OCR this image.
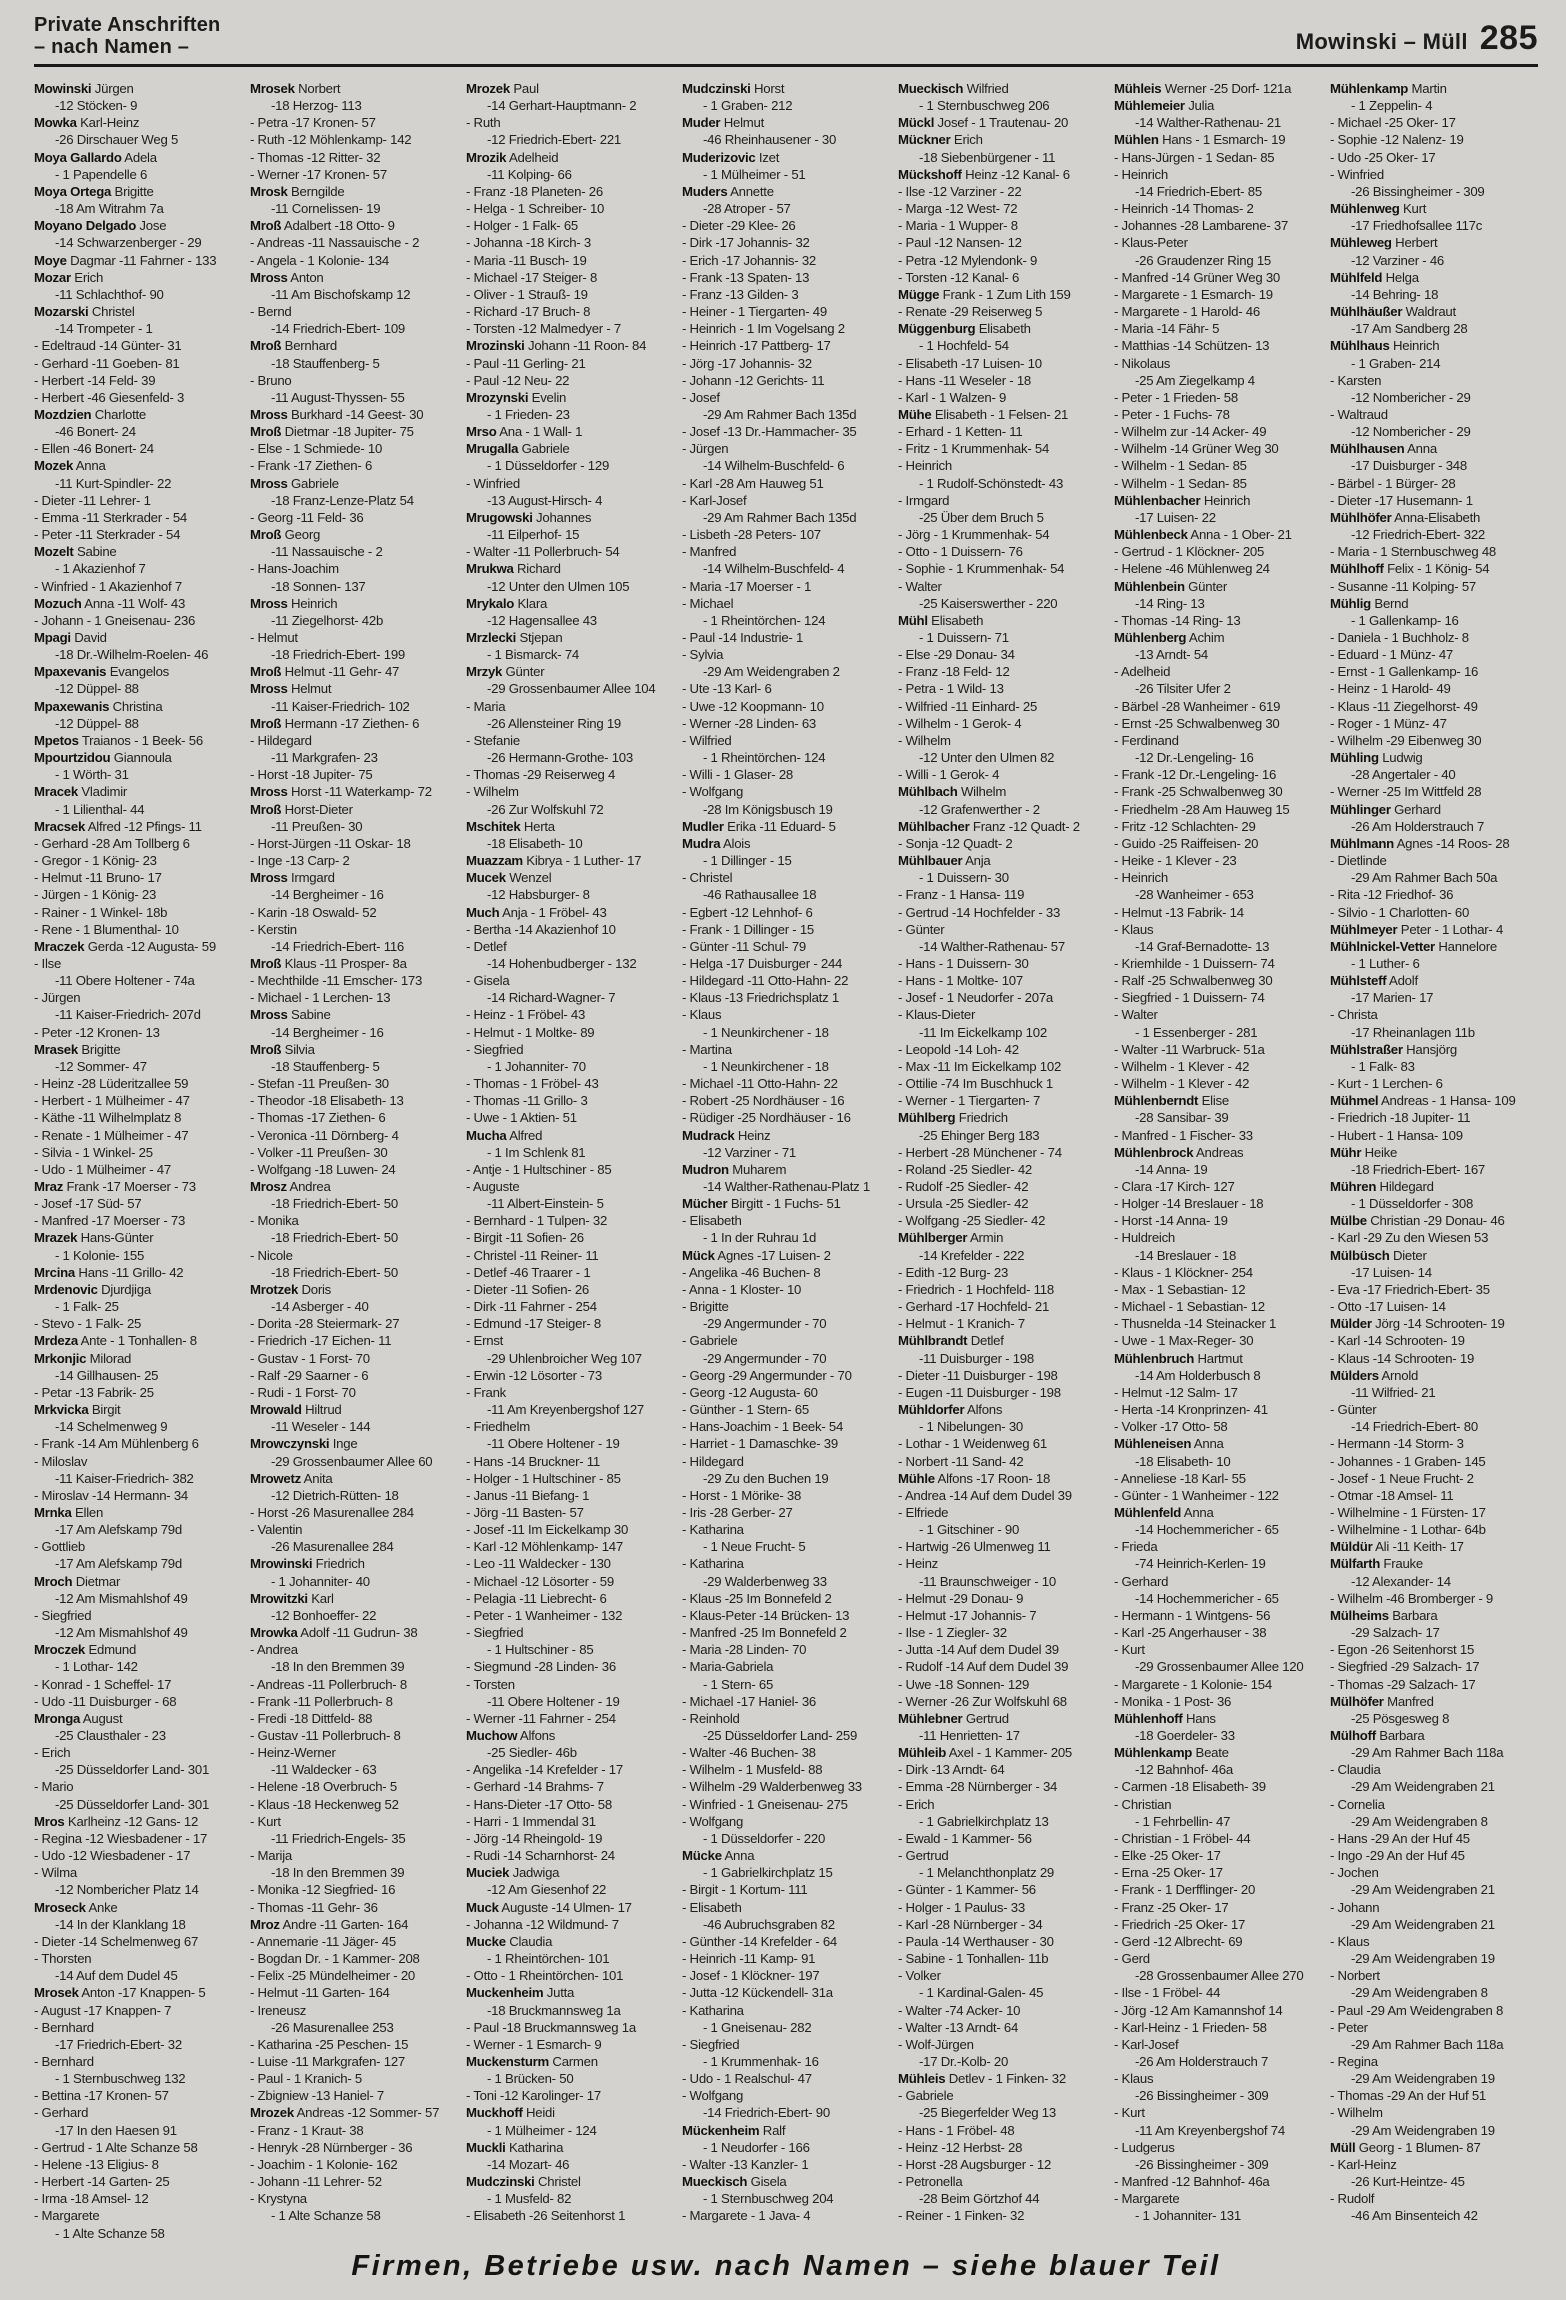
Private Anschriften
– nach Namen –	Mowinski – Müll 285
Mowinski Jürgen
-12 Stöcken- 9
Mowka Karl-Heinz
-26 Dirschauer Weg 5
Moya Gallardo Adela
- 1 Papendelle 6
Moya Ortega Brigitte
-18 Am Witrahm 7a
Moyano Delgado Jose
-14 Schwarzenberger - 29
Moye Dagmar -11 Fahrner - 133
Mozar Erich
-11 Schlachthof- 90
Mozarski Christel
-14 Trompeter - 1
- Edeltraud -14 Günter- 31
- Gerhard -11 Goeben- 81
- Herbert -14 Feld- 39
- Herbert -46 Giesenfeld- 3
Mozdzien Charlotte
-46 Bonert- 24
- Ellen -46 Bonert- 24
Mozek Anna
-11 Kurt-Spindler- 22
- Dieter -11 Lehrer- 1
- Emma -11 Sterkrader - 54
- Peter -11 Sterkrader - 54
Mozelt Sabine
- 1 Akazienhof 7
- Winfried - 1 Akazienhof 7
Mozuch Anna -11 Wolf- 43
- Johann - 1 Gneisenau- 236
Mpagi David
-18 Dr.-Wilhelm-Roelen- 46
Mpaxevanis Evangelos
-12 Düppel- 88
Mpaxewanis Christina
-12 Düppel- 88
Mpetos Traianos - 1 Beek- 56
Mpourtzidou Giannoula
- 1 Wörth- 31
Mracek Vladimir
- 1 Lilienthal- 44
Mracsek Alfred -12 Pfings- 11
- Gerhard -28 Am Tollberg 6
- Gregor - 1 König- 23
- Helmut -11 Bruno- 17
- Jürgen - 1 König- 23
- Rainer - 1 Winkel- 18b
- Rene - 1 Blumenthal- 10
Mraczek Gerda -12 Augusta- 59
- Ilse
-11 Obere Holtener - 74a
- Jürgen
-11 Kaiser-Friedrich- 207d
- Peter -12 Kronen- 13
Mrasek Brigitte
-12 Sommer- 47
- Heinz -28 Lüderitzallee 59
- Herbert - 1 Mülheimer - 47
- Käthe -11 Wilhelmplatz 8
- Renate - 1 Mülheimer - 47
- Silvia - 1 Winkel- 25
- Udo - 1 Mülheimer - 47
Mraz Frank -17 Moerser - 73
- Josef -17 Süd- 57
- Manfred -17 Moerser - 73
Mrazek Hans-Günter
- 1 Kolonie- 155
Mrcina Hans -11 Grillo- 42
Mrdenovic Djurdjiga
- 1 Falk- 25
- Stevo - 1 Falk- 25
Mrdeza Ante - 1 Tonhallen- 8
Mrkonjic Milorad
-14 Gillhausen- 25
- Petar -13 Fabrik- 25
Mrkvicka Birgit
-14 Schelmenweg 9
- Frank -14 Am Mühlenberg 6
- Miloslav
-11 Kaiser-Friedrich- 382
- Miroslav -14 Hermann- 34
Mrnka Ellen
-17 Am Alefskamp 79d
- Gottlieb
-17 Am Alefskamp 79d
Mroch Dietmar
-12 Am Mismahlshof 49
- Siegfried
-12 Am Mismahlshof 49
Mroczek Edmund
- 1 Lothar- 142
- Konrad - 1 Scheffel- 17
- Udo -11 Duisburger - 68
Mronga August
-25 Clausthaler - 23
- Erich
-25 Düsseldorfer Land- 301
- Mario
-25 Düsseldorfer Land- 301
Mros Karlheinz -12 Gans- 12
- Regina -12 Wiesbadener - 17
- Udo -12 Wiesbadener - 17
- Wilma
-12 Nombericher Platz 14
Mroseck Anke
-14 In der Klanklang 18
- Dieter -14 Schelmenweg 67
- Thorsten
-14 Auf dem Dudel 45
Mrosek Anton -17 Knappen- 5
- August -17 Knappen- 7
- Bernhard
-17 Friedrich-Ebert- 32
- Bernhard
- 1 Sternbuschweg 132
- Bettina -17 Kronen- 57
- Gerhard
-17 In den Haesen 91
- Gertrud - 1 Alte Schanze 58
- Helene -13 Eligius- 8
- Herbert -14 Garten- 25
- Irma -18 Amsel- 12
- Margarete
- 1 Alte Schanze 58
Mrosek Norbert
-18 Herzog- 113
- Petra -17 Kronen- 57
- Ruth -12 Möhlenkamp- 142
- Thomas -12 Ritter- 32
- Werner -17 Kronen- 57
Mrosk Berngilde
-11 Cornelissen- 19
Mroß Adalbert -18 Otto- 9
- Andreas -11 Nassauische - 2
- Angela - 1 Kolonie- 134
Mross Anton
-11 Am Bischofskamp 12
- Bernd
-14 Friedrich-Ebert- 109
Mroß Bernhard
-18 Stauffenberg- 5
- Bruno
-11 August-Thyssen- 55
Mross Burkhard -14 Geest- 30
Mroß Dietmar -18 Jupiter- 75
- Else - 1 Schmiede- 10
- Frank -17 Ziethen- 6
Mross Gabriele
-18 Franz-Lenze-Platz 54
- Georg -11 Feld- 36
Mroß Georg
-11 Nassauische - 2
- Hans-Joachim
-18 Sonnen- 137
Mross Heinrich
-11 Ziegelhorst- 42b
- Helmut
-18 Friedrich-Ebert- 199
Mroß Helmut -11 Gehr- 47
Mross Helmut
-11 Kaiser-Friedrich- 102
Mroß Hermann -17 Ziethen- 6
- Hildegard
-11 Markgrafen- 23
- Horst -18 Jupiter- 75
Mross Horst -11 Waterkamp- 72
Mroß Horst-Dieter
-11 Preußen- 30
- Horst-Jürgen -11 Oskar- 18
- Inge -13 Carp- 2
Mross Irmgard
-14 Bergheimer - 16
- Karin -18 Oswald- 52
- Kerstin
-14 Friedrich-Ebert- 116
Mroß Klaus -11 Prosper- 8a
- Mechthilde -11 Emscher- 173
- Michael - 1 Lerchen- 13
Mross Sabine
-14 Bergheimer - 16
Mroß Silvia
-18 Stauffenberg- 5
- Stefan -11 Preußen- 30
- Theodor -18 Elisabeth- 13
- Thomas -17 Ziethen- 6
- Veronica -11 Dörnberg- 4
- Volker -11 Preußen- 30
- Wolfgang -18 Luwen- 24
Mrosz Andrea
-18 Friedrich-Ebert- 50
- Monika
-18 Friedrich-Ebert- 50
- Nicole
-18 Friedrich-Ebert- 50
Mrotzek Doris
-14 Asberger - 40
- Dorita -28 Steiermark- 27
- Friedrich -17 Eichen- 11
- Gustav - 1 Forst- 70
- Ralf -29 Saarner - 6
- Rudi - 1 Forst- 70
Mrowald Hiltrud
-11 Weseler - 144
Mrowczynski Inge
-29 Grossenbaumer Allee 60
Mrowetz Anita
-12 Dietrich-Rütten- 18
- Horst -26 Masurenallee 284
- Valentin
-26 Masurenallee 284
Mrowinski Friedrich
- 1 Johanniter- 40
Mrowitzki Karl
-12 Bonhoeffer- 22
Mrowka Adolf -11 Gudrun- 38
- Andrea
-18 In den Bremmen 39
- Andreas -11 Pollerbruch- 8
- Frank -11 Pollerbruch- 8
- Fredi -18 Dittfeld- 88
- Gustav -11 Pollerbruch- 8
- Heinz-Werner
-11 Waldecker - 63
- Helene -18 Overbruch- 5
- Klaus -18 Heckenweg 52
- Kurt
-11 Friedrich-Engels- 35
- Marija
-18 In den Bremmen 39
- Monika -12 Siegfried- 16
- Thomas -11 Gehr- 36
Mroz Andre -11 Garten- 164
- Annemarie -11 Jäger- 45
- Bogdan Dr. - 1 Kammer- 208
- Felix -25 Mündelheimer - 20
- Helmut -11 Garten- 164
- Ireneusz
-26 Masurenallee 253
- Katharina -25 Peschen- 15
- Luise -11 Markgrafen- 127
- Paul - 1 Kranich- 5
- Zbigniew -13 Haniel- 7
Mrozek Andreas -12 Sommer- 57
- Franz - 1 Kraut- 38
- Henryk -28 Nürnberger - 36
- Joachim - 1 Kolonie- 162
- Johann -11 Lehrer- 52
- Krystyna
- 1 Alte Schanze 58
Mrozek Paul
-14 Gerhart-Hauptmann- 2
- Ruth
-12 Friedrich-Ebert- 221
Mrozik Adelheid
-11 Kolping- 66
- Franz -18 Planeten- 26
- Helga - 1 Schreiber- 10
- Holger - 1 Falk- 65
- Johanna -18 Kirch- 3
- Maria -11 Busch- 19
- Michael -17 Steiger- 8
- Oliver - 1 Strauß- 19
- Richard -17 Bruch- 8
- Torsten -12 Malmedyer - 7
Mrozinski Johann -11 Roon- 84
- Paul -11 Gerling- 21
- Paul -12 Neu- 22
Mrozynski Evelin
- 1 Frieden- 23
Mrso Ana - 1 Wall- 1
Mrugalla Gabriele
- 1 Düsseldorfer - 129
- Winfried
-13 August-Hirsch- 4
Mrugowski Johannes
-11 Eilperhof- 15
- Walter -11 Pollerbruch- 54
Mrukwa Richard
-12 Unter den Ulmen 105
Mrykalo Klara
-12 Hagensallee 43
Mrzlecki Stjepan
- 1 Bismarck- 74
Mrzyk Günter
-29 Grossenbaumer Allee 104
- Maria
-26 Allensteiner Ring 19
- Stefanie
-26 Hermann-Grothe- 103
- Thomas -29 Reiserweg 4
- Wilhelm
-26 Zur Wolfskuhl 72
Mschitek Herta
-18 Elisabeth- 10
Muazzam Kibrya - 1 Luther- 17
Mucek Wenzel
-12 Habsburger- 8
Much Anja - 1 Fröbel- 43
- Bertha -14 Akazienhof 10
- Detlef
-14 Hohenbudberger - 132
- Gisela
-14 Richard-Wagner- 7
- Heinz - 1 Fröbel- 43
- Helmut - 1 Moltke- 89
- Siegfried
- 1 Johanniter- 70
- Thomas - 1 Fröbel- 43
- Thomas -11 Grillo- 3
- Uwe - 1 Aktien- 51
Mucha Alfred
- 1 Im Schlenk 81
- Antje - 1 Hultschiner - 85
- Auguste
-11 Albert-Einstein- 5
- Bernhard - 1 Tulpen- 32
- Birgit -11 Sofien- 26
- Christel -11 Reiner- 11
- Detlef -46 Traarer - 1
- Dieter -11 Sofien- 26
- Dirk -11 Fahrner - 254
- Edmund -17 Steiger- 8
- Ernst
-29 Uhlenbroicher Weg 107
- Erwin -12 Lösorter - 73
- Frank
-11 Am Kreyenbergshof 127
- Friedhelm
-11 Obere Holtener - 19
- Hans -14 Bruckner- 11
- Holger - 1 Hultschiner - 85
- Janus -11 Biefang- 1
- Jörg -11 Basten- 57
- Josef -11 Im Eickelkamp 30
- Karl -12 Möhlenkamp- 147
- Leo -11 Waldecker - 130
- Michael -12 Lösorter - 59
- Pelagia -11 Liebrecht- 6
- Peter - 1 Wanheimer - 132
- Siegfried
- 1 Hultschiner - 85
- Siegmund -28 Linden- 36
- Torsten
-11 Obere Holtener - 19
- Werner -11 Fahrner - 254
Muchow Alfons
-25 Siedler- 46b
- Angelika -14 Krefelder - 17
- Gerhard -14 Brahms- 7
- Hans-Dieter -17 Otto- 58
- Harri - 1 Immendal 31
- Jörg -14 Rheingold- 19
- Rudi -14 Scharnhorst- 24
Muciek Jadwiga
-12 Am Giesenhof 22
Muck Auguste -14 Ulmen- 17
- Johanna -12 Wildmund- 7
Mucke Claudia
- 1 Rheintörchen- 101
- Otto - 1 Rheintörchen- 101
Muckenheim Jutta
-18 Bruckmannsweg 1a
- Paul -18 Bruckmannsweg 1a
- Werner - 1 Esmarch- 9
Muckensturm Carmen
- 1 Brücken- 50
- Toni -12 Karolinger- 17
Muckhoff Heidi
- 1 Mülheimer - 124
Muckli Katharina
-14 Mozart- 46
Mudczinski Christel
- 1 Musfeld- 82
- Elisabeth -26 Seitenhorst 1
Mudczinski Horst
- 1 Graben- 212
Muder Helmut
-46 Rheinhausener - 30
Muderizovic Izet
- 1 Mülheimer - 51
Muders Annette
-28 Atroper - 57
- Dieter -29 Klee- 26
- Dirk -17 Johannis- 32
- Erich -17 Johannis- 32
- Frank -13 Spaten- 13
- Franz -13 Gilden- 3
- Heiner - 1 Tiergarten- 49
- Heinrich - 1 Im Vogelsang 2
- Heinrich -17 Pattberg- 17
- Jörg -17 Johannis- 32
- Johann -12 Gerichts- 11
- Josef
-29 Am Rahmer Bach 135d
- Josef -13 Dr.-Hammacher- 35
- Jürgen
-14 Wilhelm-Buschfeld- 6
- Karl -28 Am Hauweg 51
- Karl-Josef
-29 Am Rahmer Bach 135d
- Lisbeth -28 Peters- 107
- Manfred
-14 Wilhelm-Buschfeld- 4
- Maria -17 Moerser - 1
- Michael
- 1 Rheintörchen- 124
- Paul -14 Industrie- 1
- Sylvia
-29 Am Weidengraben 2
- Ute -13 Karl- 6
- Uwe -12 Koopmann- 10
- Werner -28 Linden- 63
- Wilfried
- 1 Rheintörchen- 124
- Willi - 1 Glaser- 28
- Wolfgang
-28 Im Königsbusch 19
Mudler Erika -11 Eduard- 5
Mudra Alois
- 1 Dillinger - 15
- Christel
-46 Rathausallee 18
- Egbert -12 Lehnhof- 6
- Frank - 1 Dillinger - 15
- Günter -11 Schul- 79
- Helga -17 Duisburger - 244
- Hildegard -11 Otto-Hahn- 22
- Klaus -13 Friedrichsplatz 1
- Klaus
- 1 Neunkirchener - 18
- Martina
- 1 Neunkirchener - 18
- Michael -11 Otto-Hahn- 22
- Robert -25 Nordhäuser - 16
- Rüdiger -25 Nordhäuser - 16
Mudrack Heinz
-12 Varziner - 71
Mudron Muharem
-14 Walther-Rathenau-Platz 1
Mücher Birgitt - 1 Fuchs- 51
- Elisabeth
- 1 In der Ruhrau 1d
Mück Agnes -17 Luisen- 2
- Angelika -46 Buchen- 8
- Anna - 1 Kloster- 10
- Brigitte
-29 Angermunder - 70
- Gabriele
-29 Angermunder - 70
- Georg -29 Angermunder - 70
- Georg -12 Augusta- 60
- Günther - 1 Stern- 65
- Hans-Joachim - 1 Beek- 54
- Harriet - 1 Damaschke- 39
- Hildegard
-29 Zu den Buchen 19
- Horst - 1 Mörike- 38
- Iris -28 Gerber- 27
- Katharina
- 1 Neue Frucht- 5
- Katharina
-29 Walderbenweg 33
- Klaus -25 Im Bonnefeld 2
- Klaus-Peter -14 Brücken- 13
- Manfred -25 Im Bonnefeld 2
- Maria -28 Linden- 70
- Maria-Gabriela
- 1 Stern- 65
- Michael -17 Haniel- 36
- Reinhold
-25 Düsseldorfer Land- 259
- Walter -46 Buchen- 38
- Wilhelm - 1 Musfeld- 88
- Wilhelm -29 Walderbenweg 33
- Winfried - 1 Gneisenau- 275
- Wolfgang
- 1 Düsseldorfer - 220
Mücke Anna
- 1 Gabrielkirchplatz 15
- Birgit - 1 Kortum- 111
- Elisabeth
-46 Aubruchsgraben 82
- Günther -14 Krefelder - 64
- Heinrich -11 Kamp- 91
- Josef - 1 Klöckner- 197
- Jutta -12 Kückendell- 31a
- Katharina
- 1 Gneisenau- 282
- Siegfried
- 1 Krummenhak- 16
- Udo - 1 Realschul- 47
- Wolfgang
-14 Friedrich-Ebert- 90
Mückenheim Ralf
- 1 Neudorfer - 166
- Walter -13 Kanzler- 1
Mueckisch Gisela
- 1 Sternbuschweg 204
- Margarete - 1 Java- 4
Mueckisch Wilfried
- 1 Sternbuschweg 206
Mückl Josef - 1 Trautenau- 20
Mückner Erich
-18 Siebenbürgener - 11
Mückshoff Heinz -12 Kanal- 6
- Ilse -12 Varziner - 22
- Marga -12 West- 72
- Maria - 1 Wupper- 8
- Paul -12 Nansen- 12
- Petra -12 Mylendonk- 9
- Torsten -12 Kanal- 6
Mügge Frank - 1 Zum Lith 159
- Renate -29 Reiserweg 5
Müggenburg Elisabeth
- 1 Hochfeld- 54
- Elisabeth -17 Luisen- 10
- Hans -11 Weseler - 18
- Karl - 1 Walzen- 9
Mühe Elisabeth - 1 Felsen- 21
- Erhard - 1 Ketten- 11
- Fritz - 1 Krummenhak- 54
- Heinrich
- 1 Rudolf-Schönstedt- 43
- Irmgard
-25 Über dem Bruch 5
- Jörg - 1 Krummenhak- 54
- Otto - 1 Duissern- 76
- Sophie - 1 Krummenhak- 54
- Walter
-25 Kaiserswerther - 220
Mühl Elisabeth
- 1 Duissern- 71
- Else -29 Donau- 34
- Franz -18 Feld- 12
- Petra - 1 Wild- 13
- Wilfried -11 Einhard- 25
- Wilhelm - 1 Gerok- 4
- Wilhelm
-12 Unter den Ulmen 82
- Willi - 1 Gerok- 4
Mühlbach Wilhelm
-12 Grafenwerther - 2
Mühlbacher Franz -12 Quadt- 2
- Sonja -12 Quadt- 2
Mühlbauer Anja
- 1 Duissern- 30
- Franz - 1 Hansa- 119
- Gertrud -14 Hochfelder - 33
- Günter
-14 Walther-Rathenau- 57
- Hans - 1 Duissern- 30
- Hans - 1 Moltke- 107
- Josef - 1 Neudorfer - 207a
- Klaus-Dieter
-11 Im Eickelkamp 102
- Leopold -14 Loh- 42
- Max -11 Im Eickelkamp 102
- Ottilie -74 Im Buschhuck 1
- Werner - 1 Tiergarten- 7
Mühlberg Friedrich
-25 Ehinger Berg 183
- Herbert -28 Münchener - 74
- Roland -25 Siedler- 42
- Rudolf -25 Siedler- 42
- Ursula -25 Siedler- 42
- Wolfgang -25 Siedler- 42
Mühlberger Armin
-14 Krefelder - 222
- Edith -12 Burg- 23
- Friedrich - 1 Hochfeld- 118
- Gerhard -17 Hochfeld- 21
- Helmut - 1 Kranich- 7
Mühlbrandt Detlef
-11 Duisburger - 198
- Dieter -11 Duisburger - 198
- Eugen -11 Duisburger - 198
Mühldorfer Alfons
- 1 Nibelungen- 30
- Lothar - 1 Weidenweg 61
- Norbert -11 Sand- 42
Mühle Alfons -17 Roon- 18
- Andrea -14 Auf dem Dudel 39
- Elfriede
- 1 Gitschiner - 90
- Hartwig -26 Ulmenweg 11
- Heinz
-11 Braunschweiger - 10
- Helmut -29 Donau- 9
- Helmut -17 Johannis- 7
- Ilse - 1 Ziegler- 32
- Jutta -14 Auf dem Dudel 39
- Rudolf -14 Auf dem Dudel 39
- Uwe -18 Sonnen- 129
- Werner -26 Zur Wolfskuhl 68
Mühlebner Gertrud
-11 Henrietten- 17
Mühleib Axel - 1 Kammer- 205
- Dirk -13 Arndt- 64
- Emma -28 Nürnberger - 34
- Erich
- 1 Gabrielkirchplatz 13
- Ewald - 1 Kammer- 56
- Gertrud
- 1 Melanchthonplatz 29
- Günter - 1 Kammer- 56
- Holger - 1 Paulus- 33
- Karl -28 Nürnberger - 34
- Paula -14 Werthauser - 30
- Sabine - 1 Tonhallen- 11b
- Volker
- 1 Kardinal-Galen- 45
- Walter -74 Acker- 10
- Walter -13 Arndt- 64
- Wolf-Jürgen
-17 Dr.-Kolb- 20
Mühleis Detlev - 1 Finken- 32
- Gabriele
-25 Biegerfelder Weg 13
- Hans - 1 Fröbel- 48
- Heinz -12 Herbst- 28
- Horst -28 Augsburger - 12
- Petronella
-28 Beim Görtzhof 44
- Reiner - 1 Finken- 32
Mühleis Werner -25 Dorf- 121a
Mühlemeier Julia
-14 Walther-Rathenau- 21
Mühlen Hans - 1 Esmarch- 19
- Hans-Jürgen - 1 Sedan- 85
- Heinrich
-14 Friedrich-Ebert- 85
- Heinrich -14 Thomas- 2
- Johannes -28 Lambarene- 37
- Klaus-Peter
-26 Graudenzer Ring 15
- Manfred -14 Grüner Weg 30
- Margarete - 1 Esmarch- 19
- Margarete - 1 Harold- 46
- Maria -14 Fähr- 5
- Matthias -14 Schützen- 13
- Nikolaus
-25 Am Ziegelkamp 4
- Peter - 1 Frieden- 58
- Peter - 1 Fuchs- 78
- Wilhelm zur -14 Acker- 49
- Wilhelm -14 Grüner Weg 30
- Wilhelm - 1 Sedan- 85
- Wilhelm - 1 Sedan- 85
Mühlenbacher Heinrich
-17 Luisen- 22
Mühlenbeck Anna - 1 Ober- 21
- Gertrud - 1 Klöckner- 205
- Helene -46 Mühlenweg 24
Mühlenbein Günter
-14 Ring- 13
- Thomas -14 Ring- 13
Mühlenberg Achim
-13 Arndt- 54
- Adelheid
-26 Tilsiter Ufer 2
- Bärbel -28 Wanheimer - 619
- Ernst -25 Schwalbenweg 30
- Ferdinand
-12 Dr.-Lengeling- 16
- Frank -12 Dr.-Lengeling- 16
- Frank -25 Schwalbenweg 30
- Friedhelm -28 Am Hauweg 15
- Fritz -12 Schlachten- 29
- Guido -25 Raiffeisen- 20
- Heike - 1 Klever - 23
- Heinrich
-28 Wanheimer - 653
- Helmut -13 Fabrik- 14
- Klaus
-14 Graf-Bernadotte- 13
- Kriemhilde - 1 Duissern- 74
- Ralf -25 Schwalbenweg 30
- Siegfried - 1 Duissern- 74
- Walter
- 1 Essenberger - 281
- Walter -11 Warbruck- 51a
- Wilhelm - 1 Klever - 42
- Wilhelm - 1 Klever - 42
Mühlenberndt Elise
-28 Sansibar- 39
- Manfred - 1 Fischer- 33
Mühlenbrock Andreas
-14 Anna- 19
- Clara -17 Kirch- 127
- Holger -14 Breslauer - 18
- Horst -14 Anna- 19
- Huldreich
-14 Breslauer - 18
- Klaus - 1 Klöckner- 254
- Max - 1 Sebastian- 12
- Michael - 1 Sebastian- 12
- Thusnelda -14 Steinacker 1
- Uwe - 1 Max-Reger- 30
Mühlenbruch Hartmut
-14 Am Holderbusch 8
- Helmut -12 Salm- 17
- Herta -14 Kronprinzen- 41
- Volker -17 Otto- 58
Mühleneisen Anna
-18 Elisabeth- 10
- Anneliese -18 Karl- 55
- Günter - 1 Wanheimer - 122
Mühlenfeld Anna
-14 Hochemmericher - 65
- Frieda
-74 Heinrich-Kerlen- 19
- Gerhard
-14 Hochemmericher - 65
- Hermann - 1 Wintgens- 56
- Karl -25 Angerhauser - 38
- Kurt
-29 Grossenbaumer Allee 120
- Margarete - 1 Kolonie- 154
- Monika - 1 Post- 36
Mühlenhoff Hans
-18 Goerdeler- 33
Mühlenkamp Beate
-12 Bahnhof- 46a
- Carmen -18 Elisabeth- 39
- Christian
- 1 Fehrbellin- 47
- Christian - 1 Fröbel- 44
- Elke -25 Oker- 17
- Erna -25 Oker- 17
- Frank - 1 Derfflinger- 20
- Franz -25 Oker- 17
- Friedrich -25 Oker- 17
- Gerd -12 Albrecht- 69
- Gerd
-28 Grossenbaumer Allee 270
- Ilse - 1 Fröbel- 44
- Jörg -12 Am Kamannshof 14
- Karl-Heinz - 1 Frieden- 58
- Karl-Josef
-26 Am Holderstrauch 7
- Klaus
-26 Bissingheimer - 309
- Kurt
-11 Am Kreyenbergshof 74
- Ludgerus
-26 Bissingheimer - 309
- Manfred -12 Bahnhof- 46a
- Margarete
- 1 Johanniter- 131
Mühlenkamp Martin
- 1 Zeppelin- 4
- Michael -25 Oker- 17
- Sophie -12 Nalenz- 19
- Udo -25 Oker- 17
- Winfried
-26 Bissingheimer - 309
Mühlenweg Kurt
-17 Friedhofsallee 117c
Mühleweg Herbert
-12 Varziner - 46
Mühlfeld Helga
-14 Behring- 18
Mühlhäußer Waldraut
-17 Am Sandberg 28
Mühlhaus Heinrich
- 1 Graben- 214
- Karsten
-12 Nombericher - 29
- Waltraud
-12 Nombericher - 29
Mühlhausen Anna
-17 Duisburger - 348
- Bärbel - 1 Bürger- 28
- Dieter -17 Husemann- 1
Mühlhöfer Anna-Elisabeth
-12 Friedrich-Ebert- 322
- Maria - 1 Sternbuschweg 48
Mühlhoff Felix - 1 König- 54
- Susanne -11 Kolping- 57
Mühlig Bernd
- 1 Gallenkamp- 16
- Daniela - 1 Buchholz- 8
- Eduard - 1 Münz- 47
- Ernst - 1 Gallenkamp- 16
- Heinz - 1 Harold- 49
- Klaus -11 Ziegelhorst- 49
- Roger - 1 Münz- 47
- Wilhelm -29 Eibenweg 30
Mühling Ludwig
-28 Angertaler - 40
- Werner -25 Im Wittfeld 28
Mühlinger Gerhard
-26 Am Holderstrauch 7
Mühlmann Agnes -14 Roos- 28
- Dietlinde
-29 Am Rahmer Bach 50a
- Rita -12 Friedhof- 36
- Silvio - 1 Charlotten- 60
Mühlmeyer Peter - 1 Lothar- 4
Mühlnickel-Vetter Hannelore
- 1 Luther- 6
Mühlsteff Adolf
-17 Marien- 17
- Christa
-17 Rheinanlagen 11b
Mühlstraßer Hansjörg
- 1 Falk- 83
- Kurt - 1 Lerchen- 6
Mühmel Andreas - 1 Hansa- 109
- Friedrich -18 Jupiter- 11
- Hubert - 1 Hansa- 109
Mühr Heike
-18 Friedrich-Ebert- 167
Mühren Hildegard
- 1 Düsseldorfer - 308
Mülbe Christian -29 Donau- 46
- Karl -29 Zu den Wiesen 53
Mülbüsch Dieter
-17 Luisen- 14
- Eva -17 Friedrich-Ebert- 35
- Otto -17 Luisen- 14
Mülder Jörg -14 Schrooten- 19
- Karl -14 Schrooten- 19
- Klaus -14 Schrooten- 19
Mülders Arnold
-11 Wilfried- 21
- Günter
-14 Friedrich-Ebert- 80
- Hermann -14 Storm- 3
- Johannes - 1 Graben- 145
- Josef - 1 Neue Frucht- 2
- Otmar -18 Amsel- 11
- Wilhelmine - 1 Fürsten- 17
- Wilhelmine - 1 Lothar- 64b
Müldür Ali -11 Keith- 17
Mülfarth Frauke
-12 Alexander- 14
- Wilhelm -46 Bromberger - 9
Mülheims Barbara
-29 Salzach- 17
- Egon -26 Seitenhorst 15
- Siegfried -29 Salzach- 17
- Thomas -29 Salzach- 17
Mülhöfer Manfred
-25 Pösgesweg 8
Mülhoff Barbara
-29 Am Rahmer Bach 118a
- Claudia
-29 Am Weidengraben 21
- Cornelia
-29 Am Weidengraben 8
- Hans -29 An der Huf 45
- Ingo -29 An der Huf 45
- Jochen
-29 Am Weidengraben 21
- Johann
-29 Am Weidengraben 21
- Klaus
-29 Am Weidengraben 19
- Norbert
-29 Am Weidengraben 8
- Paul -29 Am Weidengraben 8
- Peter
-29 Am Rahmer Bach 118a
- Regina
-29 Am Weidengraben 19
- Thomas -29 An der Huf 51
- Wilhelm
-29 Am Weidengraben 19
Müll Georg - 1 Blumen- 87
- Karl-Heinz
-26 Kurt-Heintze- 45
- Rudolf
-46 Am Binsenteich 42
Firmen, Betriebe usw. nach Namen – siehe blauer Teil
